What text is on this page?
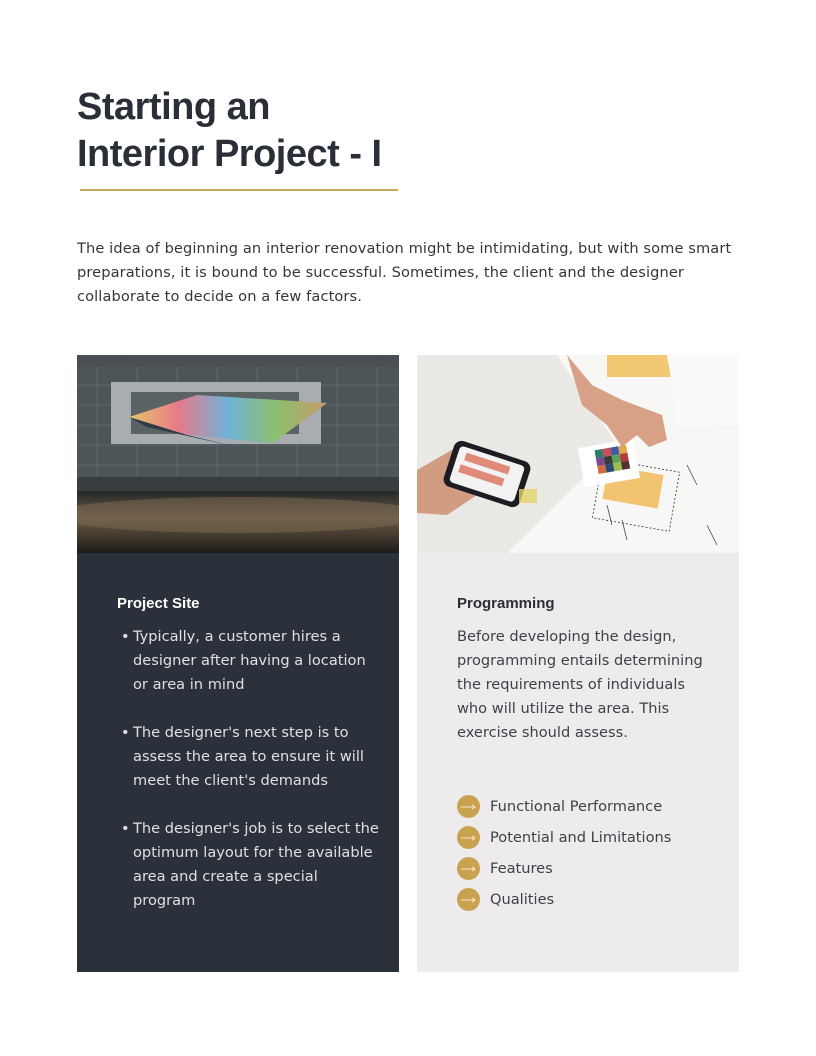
Starting an
Interior Project - I

The idea of beginning an interior renovation might be intimidating, but with some smart preparations, it is bound to be successful. Sometimes, the client and the designer collaborate to decide on a few factors.

Project Site
• Typically, a customer hires a designer after having a location or area in mind
• The designer's next step is to assess the area to ensure it will meet the client's demands
• The designer's job is to select the optimum layout for the available area and create a special program
Programming

Before developing the design, programming entails determining the requirements of individuals who will utilize the area. This exercise should assess.

Functional Performance
Potential and Limitations
Features
Qualities
